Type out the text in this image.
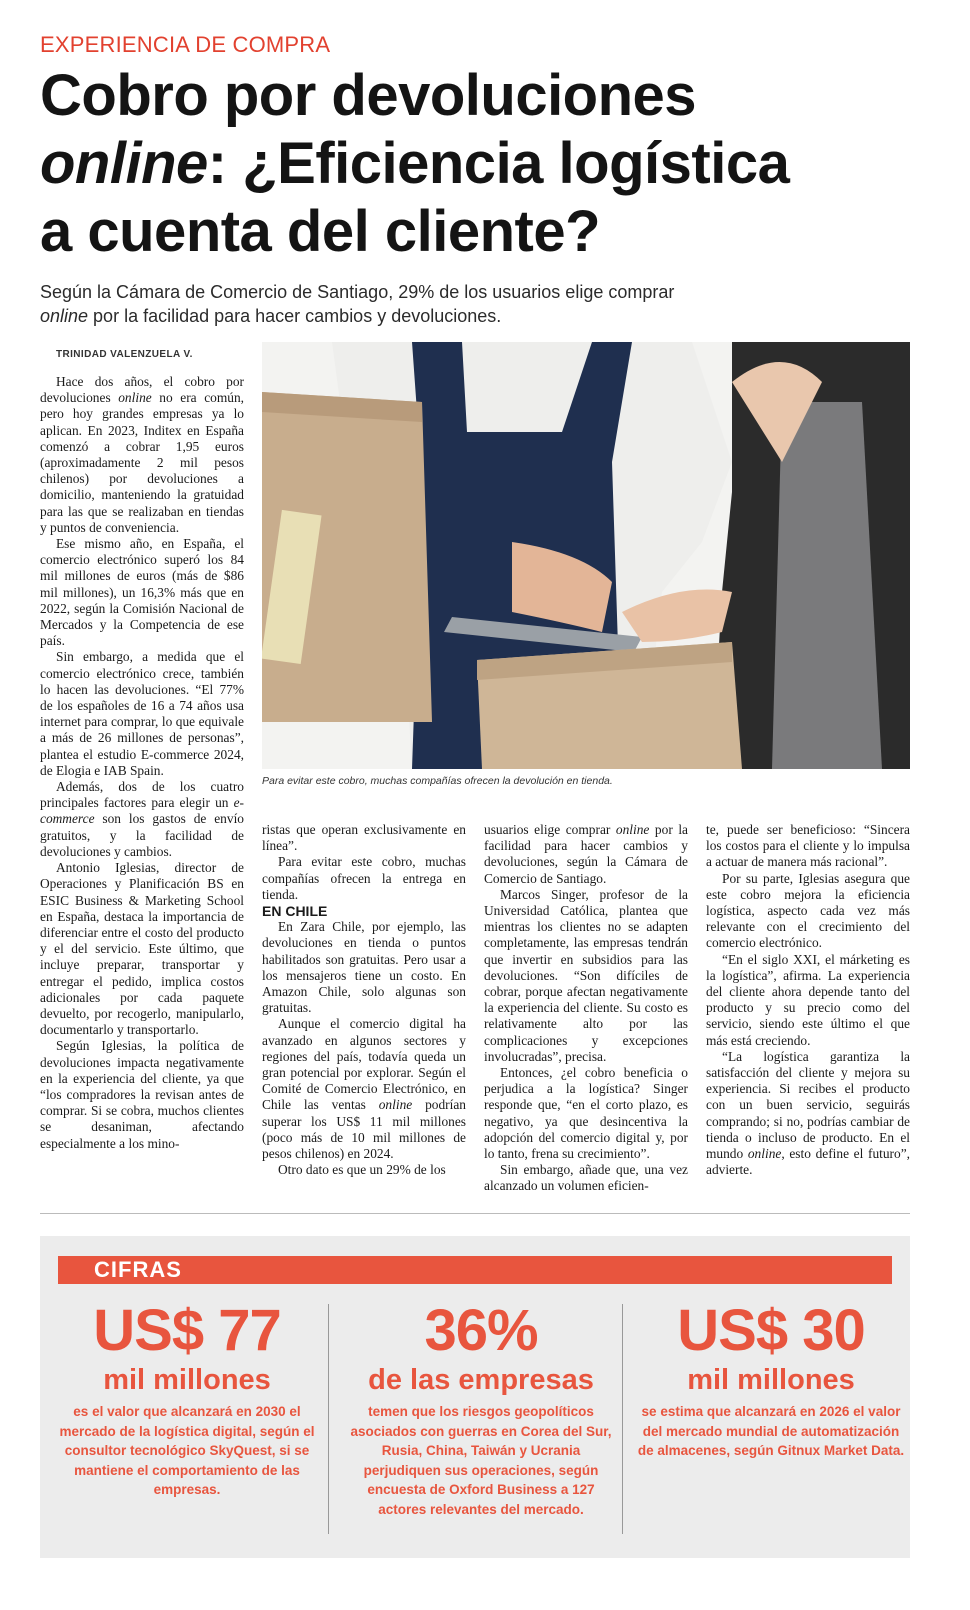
EXPERIENCIA DE COMPRA
Cobro por devoluciones
online: ¿Eficiencia logística
a cuenta del cliente?

Según la Cámara de Comercio de Santiago, 29% de los usuarios elige comprar
online por la facilidad para hacer cambios y devoluciones.

TRINIDAD VALENZUELA V.

Hace dos años, el cobro por devoluciones online no era común, pero hoy grandes empresas ya lo aplican. En 2023, Inditex en España comenzó a cobrar 1,95 euros (aproximadamente 2 mil pesos chilenos) por devoluciones a domicilio, manteniendo la gratuidad para las que se realizaban en tiendas y puntos de conveniencia.

Ese mismo año, en España, el comercio electrónico superó los 84 mil millones de euros (más de $86 mil millones), un 16,3% más que en 2022, según la Comisión Nacional de Mercados y la Competencia de ese país.

Sin embargo, a medida que el comercio electrónico crece, también lo hacen las devoluciones. “El 77% de los españoles de 16 a 74 años usa internet para comprar, lo que equivale a más de 26 millones de personas”, plantea el estudio E-commerce 2024, de Elogia e IAB Spain.

Además, dos de los cuatro principales factores para elegir un e-commerce son los gastos de envío gratuitos, y la facilidad de devoluciones y cambios.

Antonio Iglesias, director de Operaciones y Planificación BS en ESIC Business & Marketing School en España, destaca la importancia de diferenciar entre el costo del producto y el del servicio. Este último, que incluye preparar, transportar y entregar el pedido, implica costos adicionales por cada paquete devuelto, por recogerlo, manipularlo, documentarlo y transportarlo.

Según Iglesias, la política de devoluciones impacta negativamente en la experiencia del cliente, ya que “los compradores la revisan antes de comprar. Si se cobra, muchos clientes se desaniman, afectando especialmente a los mino-

Para evitar este cobro, muchas compañías ofrecen la devolución en tienda.

ristas que operan exclusivamente en línea”.

Para evitar este cobro, muchas compañías ofrecen la entrega en tienda.

EN CHILE

En Zara Chile, por ejemplo, las devoluciones en tienda o puntos habilitados son gratuitas. Pero usar a los mensajeros tiene un costo. En Amazon Chile, solo algunas son gratuitas.

Aunque el comercio digital ha avanzado en algunos sectores y regiones del país, todavía queda un gran potencial por explorar. Según el Comité de Comercio Electrónico, en Chile las ventas online podrían superar los US$ 11 mil millones (poco más de 10 mil millones de pesos chilenos) en 2024.

Otro dato es que un 29% de los

usuarios elige comprar online por la facilidad para hacer cambios y devoluciones, según la Cámara de Comercio de Santiago.

Marcos Singer, profesor de la Universidad Católica, plantea que mientras los clientes no se adapten completamente, las empresas tendrán que invertir en subsidios para las devoluciones. “Son difíciles de cobrar, porque afectan negativamente la experiencia del cliente. Su costo es relativamente alto por las complicaciones y excepciones involucradas”, precisa.

Entonces, ¿el cobro beneficia o perjudica a la logística? Singer responde que, “en el corto plazo, es negativo, ya que desincentiva la adopción del comercio digital y, por lo tanto, frena su crecimiento”.

Sin embargo, añade que, una vez alcanzado un volumen eficien-

te, puede ser beneficioso: “Sincera los costos para el cliente y lo impulsa a actuar de manera más racional”.

Por su parte, Iglesias asegura que este cobro mejora la eficiencia logística, aspecto cada vez más relevante con el crecimiento del comercio electrónico.

“En el siglo XXI, el márketing es la logística”, afirma. La experiencia del cliente ahora depende tanto del producto y su precio como del servicio, siendo este último el que más está creciendo.

“La logística garantiza la satisfacción del cliente y mejora su experiencia. Si recibes el producto con un buen servicio, seguirás comprando; si no, podrías cambiar de tienda o incluso de producto. En el mundo online, esto define el futuro”, advierte.

CIFRAS
US$ 77
mil millones
es el valor que alcanzará en 2030 el mercado de la logística digital, según el consultor tecnológico SkyQuest, si se mantiene el comportamiento de las empresas.
36%
de las empresas
temen que los riesgos geopolíticos asociados con guerras en Corea del Sur, Rusia, China, Taiwán y Ucrania perjudiquen sus operaciones, según encuesta de Oxford Business a 127 actores relevantes del mercado.
US$ 30
mil millones
se estima que alcanzará en 2026 el valor del mercado mundial de automatización de almacenes, según Gitnux Market Data.
